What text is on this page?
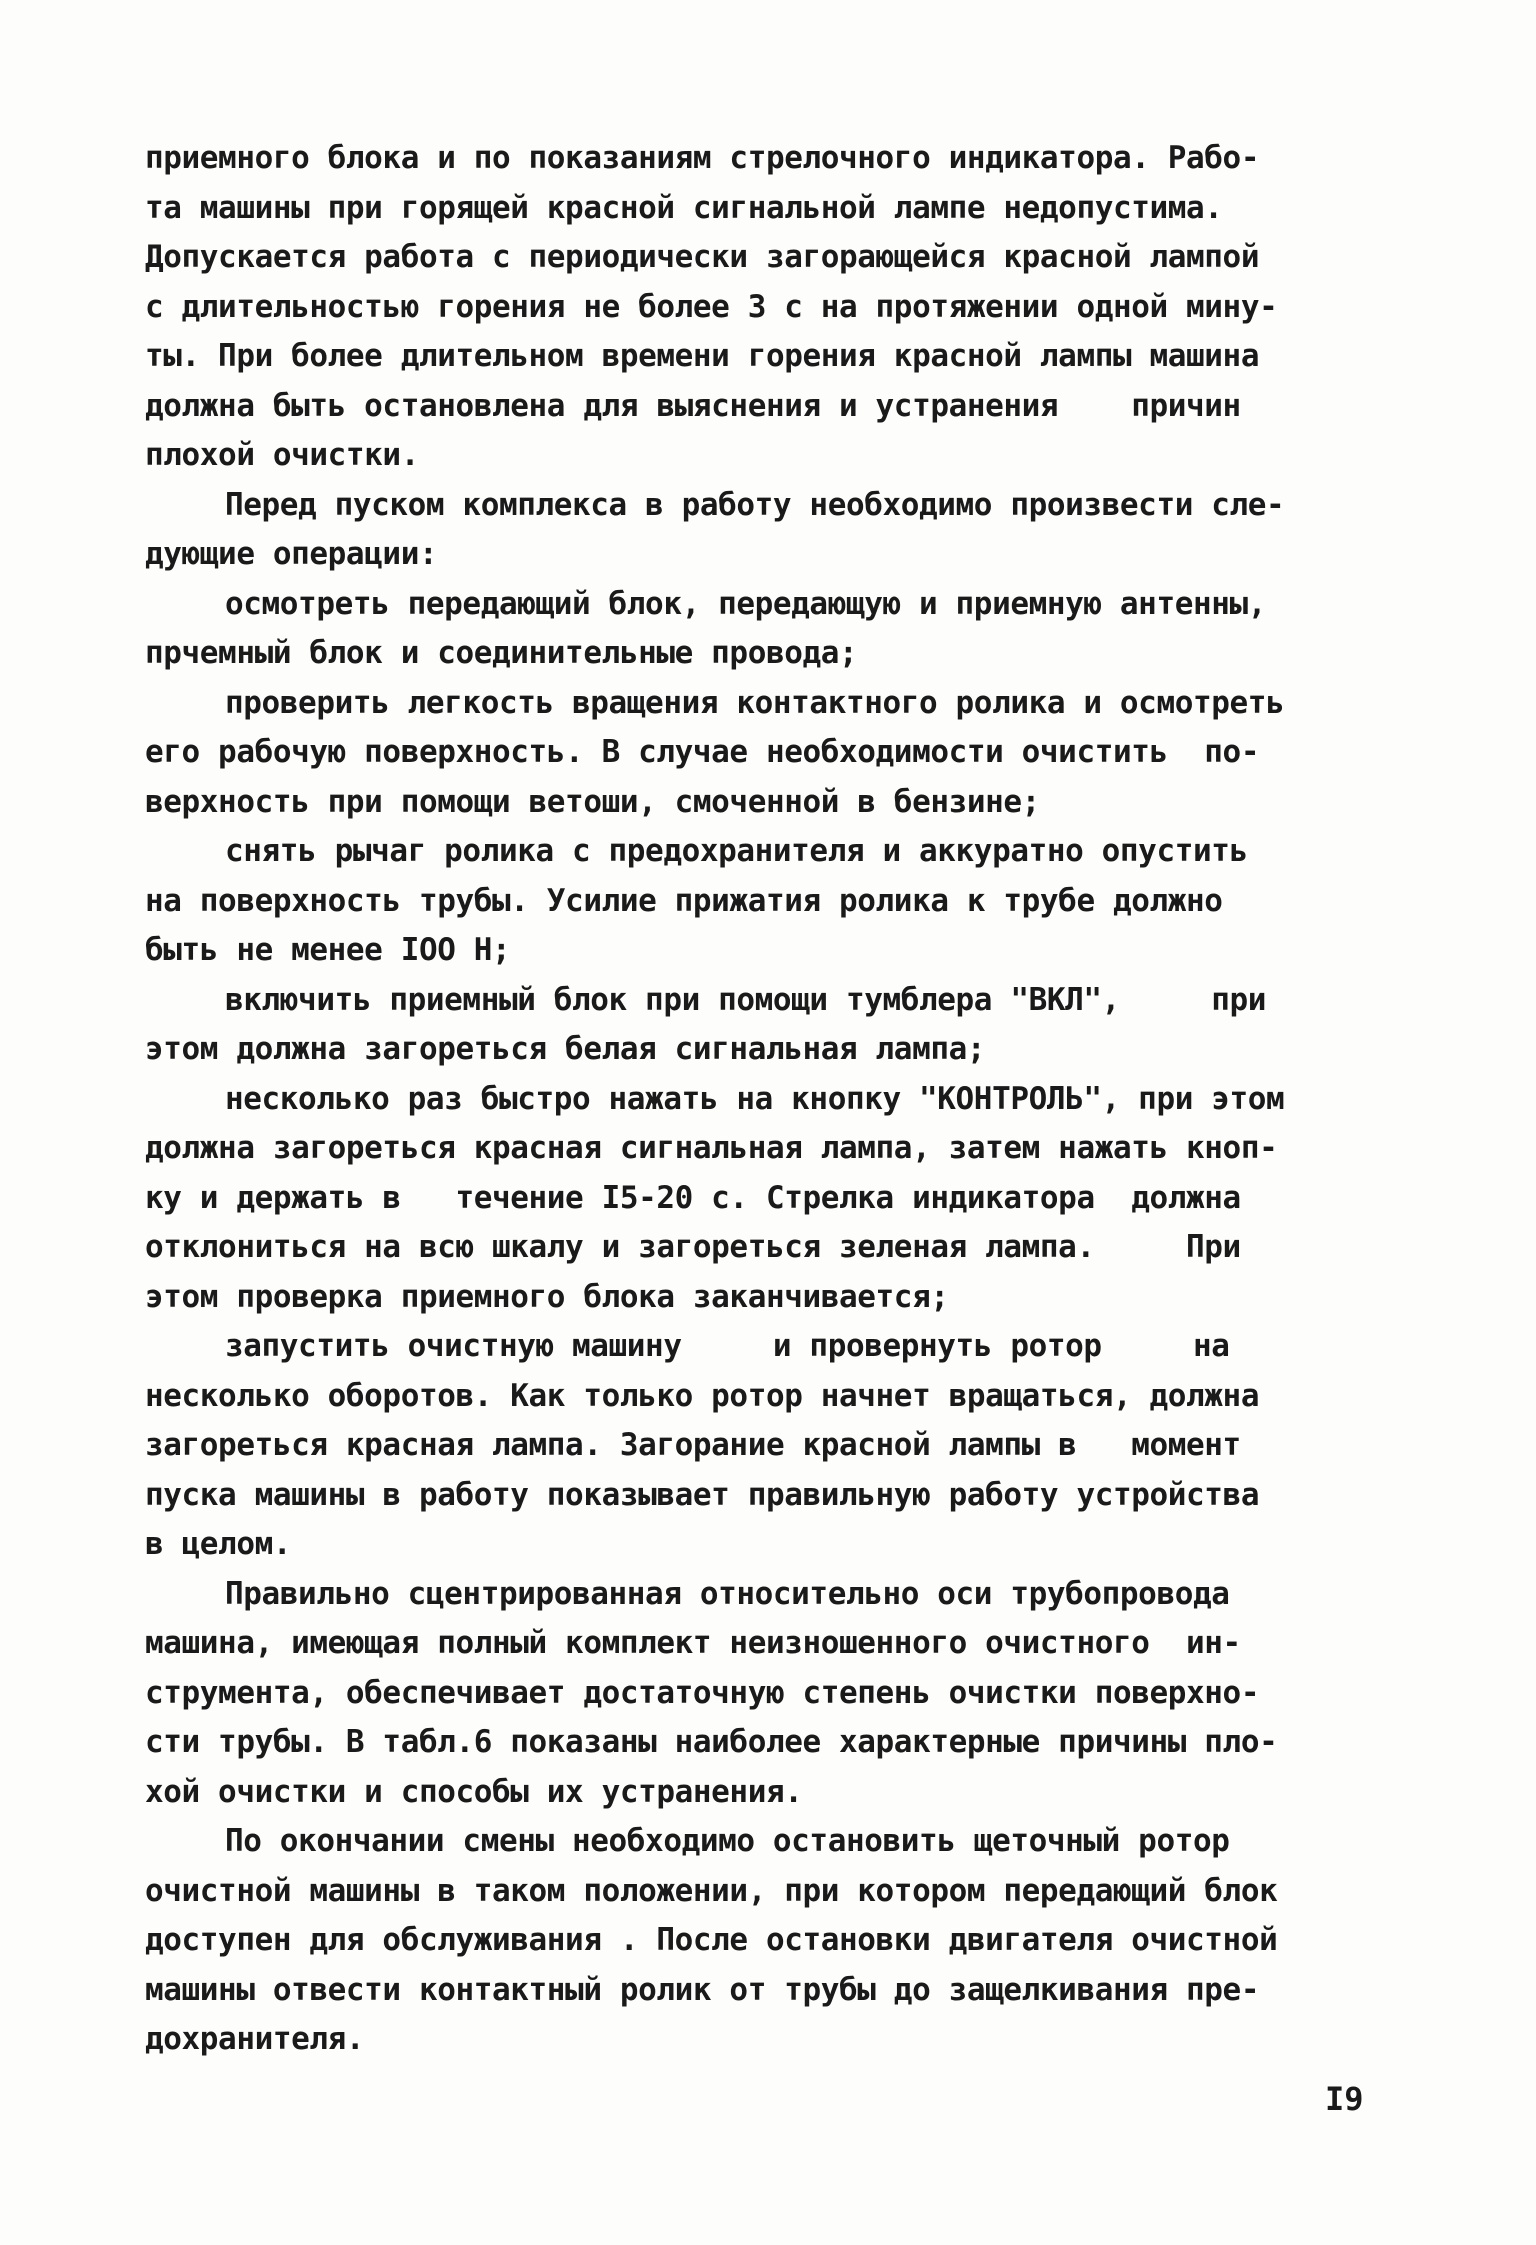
приемного блока и по показаниям стрелочного индикатора. Рабо-
та машины при горящей красной сигнальной лампе недопустима.
Допускается работа с периодически загорающейся красной лампой
с длительностью горения не более 3 с на протяжении одной мину-
ты. При более длительном времени горения красной лампы машина
должна быть остановлена для выяснения и устранения    причин
плохой очистки.
Перед пуском комплекса в работу необходимо произвести сле-
дующие операции:
осмотреть передающий блок, передающую и приемную антенны,
прчемный блок и соединительные провода;
проверить легкость вращения контактного ролика и осмотреть
его рабочую поверхность. В случае необходимости очистить  по-
верхность при помощи ветоши, смоченной в бензине;
снять рычаг ролика с предохранителя и аккуратно опустить
на поверхность трубы. Усилие прижатия ролика к трубе должно
быть не менее IOO Н;
включить приемный блок при помощи тумблера "ВКЛ",     при
этом должна загореться белая сигнальная лампа;
несколько раз быстро нажать на кнопку "КОНТРОЛЬ", при этом
должна загореться красная сигнальная лампа, затем нажать кноп-
ку и держать в   течение I5-20 с. Стрелка индикатора  должна
отклониться на всю шкалу и загореться зеленая лампа.     При
этом проверка приемного блока заканчивается;
запустить очистную машину     и провернуть ротор     на
несколько оборотов. Как только ротор начнет вращаться, должна
загореться красная лампа. Загорание красной лампы в   момент
пуска машины в работу показывает правильную работу устройства
в целом.
Правильно сцентрированная относительно оси трубопровода
машина, имеющая полный комплект неизношенного очистного  ин-
струмента, обеспечивает достаточную степень очистки поверхно-
сти трубы. В табл.6 показаны наиболее характерные причины пло-
хой очистки и способы их устранения.
По окончании смены необходимо остановить щеточный ротор
очистной машины в таком положении, при котором передающий блок
доступен для обслуживания . После остановки двигателя очистной
машины отвести контактный ролик от трубы до защелкивания пре-
дохранителя.
I9
